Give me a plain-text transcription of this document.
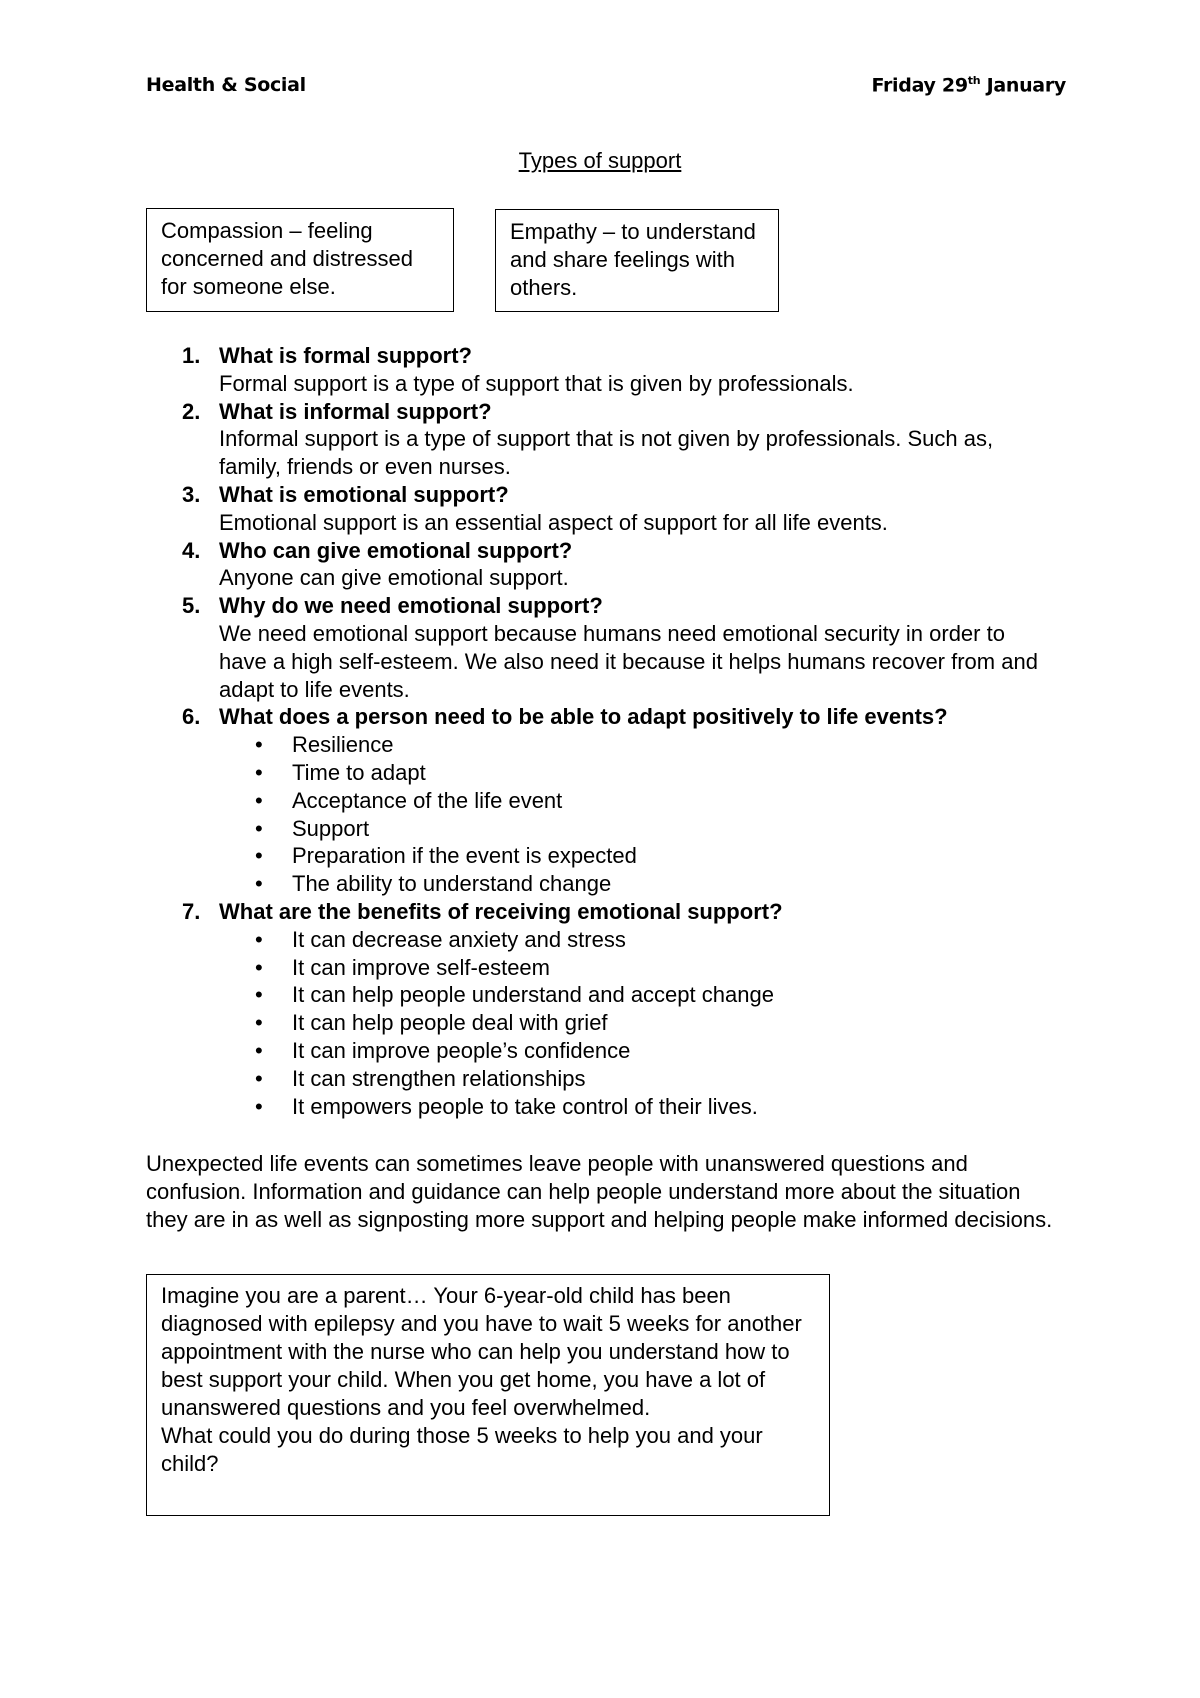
Health & Social	Friday 29th January
Types of support
Compassion – feeling concerned and distressed for someone else.
Empathy – to understand and share feelings with others.
1. What is formal support?
Formal support is a type of support that is given by professionals.
2. What is informal support?
Informal support is a type of support that is not given by professionals. Such as, family, friends or even nurses.
3. What is emotional support?
Emotional support is an essential aspect of support for all life events.
4. Who can give emotional support?
Anyone can give emotional support.
5. Why do we need emotional support?
We need emotional support because humans need emotional security in order to have a high self-esteem. We also need it because it helps humans recover from and adapt to life events.
6. What does a person need to be able to adapt positively to life events?
• Resilience
• Time to adapt
• Acceptance of the life event
• Support
• Preparation if the event is expected
• The ability to understand change
7. What are the benefits of receiving emotional support?
• It can decrease anxiety and stress
• It can improve self-esteem
• It can help people understand and accept change
• It can help people deal with grief
• It can improve people’s confidence
• It can strengthen relationships
• It empowers people to take control of their lives.
Unexpected life events can sometimes leave people with unanswered questions and confusion. Information and guidance can help people understand more about the situation they are in as well as signposting more support and helping people make informed decisions.
Imagine you are a parent… Your 6-year-old child has been diagnosed with epilepsy and you have to wait 5 weeks for another appointment with the nurse who can help you understand how to best support your child. When you get home, you have a lot of unanswered questions and you feel overwhelmed.
What could you do during those 5 weeks to help you and your child?
